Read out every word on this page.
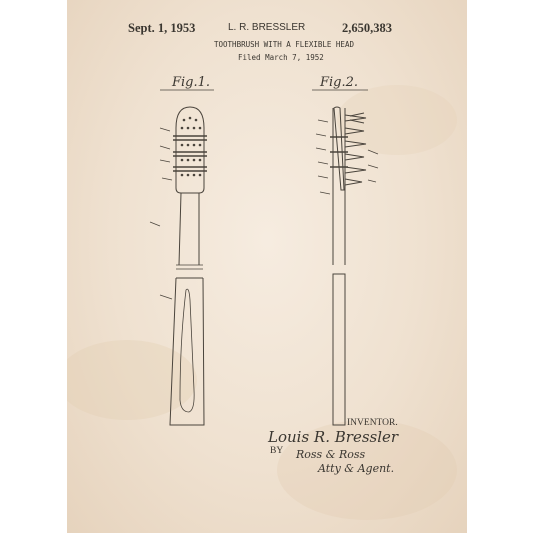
Sept. 1, 1953	L. R. BRESSLER	2,650,383
TOOTHBRUSH WITH A FLEXIBLE HEAD
Filed March 7, 1952
Fig.1.	Fig.2.
INVENTOR.
Louis R. Bressler
BY Ross & Ross
Atty & Agent.
